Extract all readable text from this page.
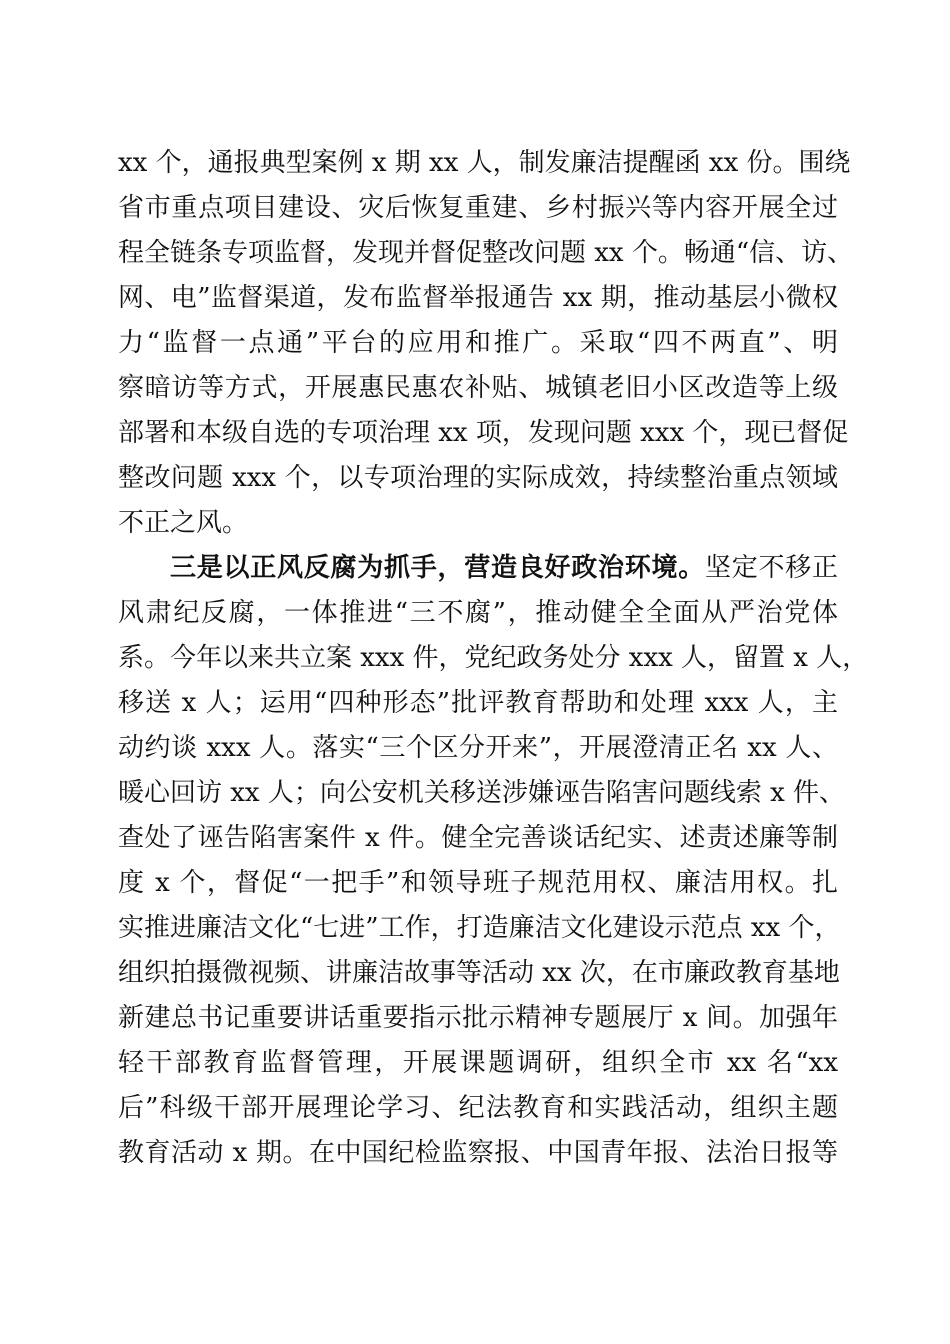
xx 个，通报典型案例 x 期 xx 人，制发廉洁提醒函 xx 份。围绕
省市重点项目建设、灾后恢复重建、乡村振兴等内容开展全过
程全链条专项监督，发现并督促整改问题 xx 个。畅通“信、访、
网、电”监督渠道，发布监督举报通告 xx 期，推动基层小微权
力“监督一点通”平台的应用和推广。采取“四不两直”、明
察暗访等方式，开展惠民惠农补贴、城镇老旧小区改造等上级
部署和本级自选的专项治理 xx 项，发现问题 xxx 个，现已督促
整改问题 xxx 个，以专项治理的实际成效，持续整治重点领域
不正之风。
三是以正风反腐为抓手，营造良好政治环境。坚定不移正
风肃纪反腐，一体推进“三不腐”，推动健全全面从严治党体
系。今年以来共立案 xxx 件，党纪政务处分 xxx 人，留置 x 人，
移送 x 人；运用“四种形态”批评教育帮助和处理 xxx 人，主
动约谈 xxx 人。落实“三个区分开来”，开展澄清正名 xx 人、
暖心回访 xx 人；向公安机关移送涉嫌诬告陷害问题线索 x 件、
查处了诬告陷害案件 x 件。健全完善谈话纪实、述责述廉等制
度 x 个，督促“一把手”和领导班子规范用权、廉洁用权。扎
实推进廉洁文化“七进”工作，打造廉洁文化建设示范点 xx 个，
组织拍摄微视频、讲廉洁故事等活动 xx 次，在市廉政教育基地
新建总书记重要讲话重要指示批示精神专题展厅 x 间。加强年
轻干部教育监督管理，开展课题调研，组织全市 xx 名“xx
后”科级干部开展理论学习、纪法教育和实践活动，组织主题
教育活动 x 期。在中国纪检监察报、中国青年报、法治日报等
